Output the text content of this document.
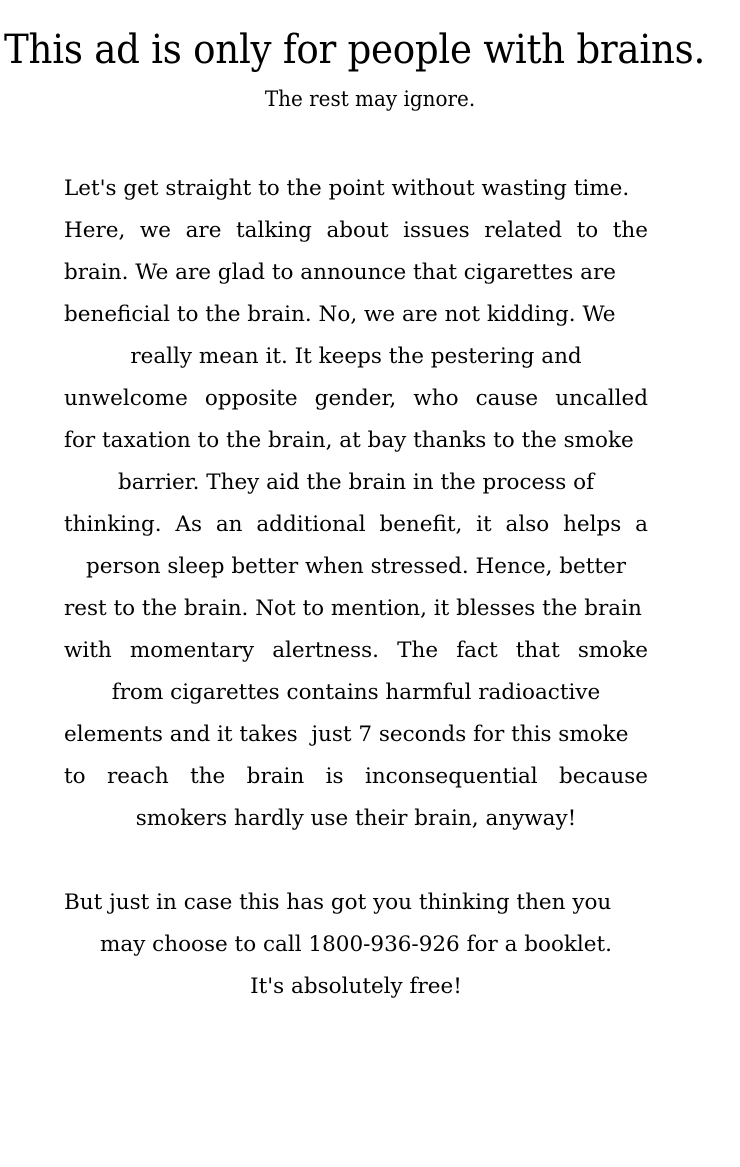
This ad is only for people with brains.
The rest may ignore.
Let's get straight to the point without wasting time.
Here, we are talking about issues related to the
brain. We are glad to announce that cigarettes are
beneficial to the brain. No, we are not kidding. We
really mean it. It keeps the pestering and
unwelcome opposite gender, who cause uncalled
for taxation to the brain, at bay thanks to the smoke
barrier. They aid the brain in the process of
thinking. As an additional benefit, it also helps a
person sleep better when stressed. Hence, better
rest to the brain. Not to mention, it blesses the brain
with momentary alertness. The fact that smoke
from cigarettes contains harmful radioactive
elements and it takes  just 7 seconds for this smoke
to reach the brain is inconsequential because
smokers hardly use their brain, anyway!
But just in case this has got you thinking then you
may choose to call 1800-936-926 for a booklet.
It's absolutely free!
